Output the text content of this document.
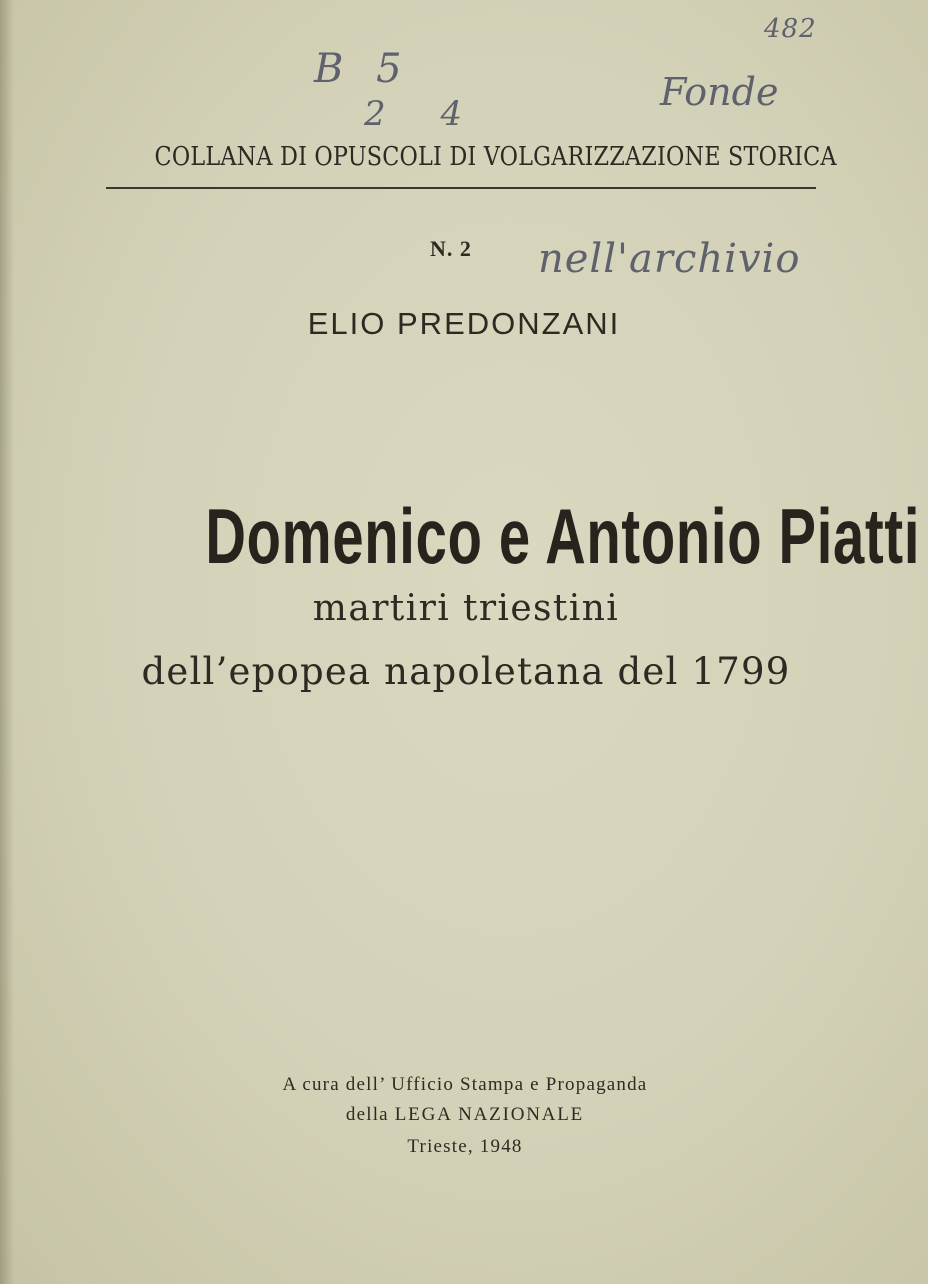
482
B 5
2 4	Fonde
nell'archivio
COLLANA DI OPUSCOLI DI VOLGARIZZAZIONE STORICA
N. 2
ELIO PREDONZANI
Domenico e Antonio Piatti
martiri triestini
dell’epopea napoletana del 1799
A cura dell’ Ufficio Stampa e Propaganda
della LEGA NAZIONALE
Trieste, 1948
